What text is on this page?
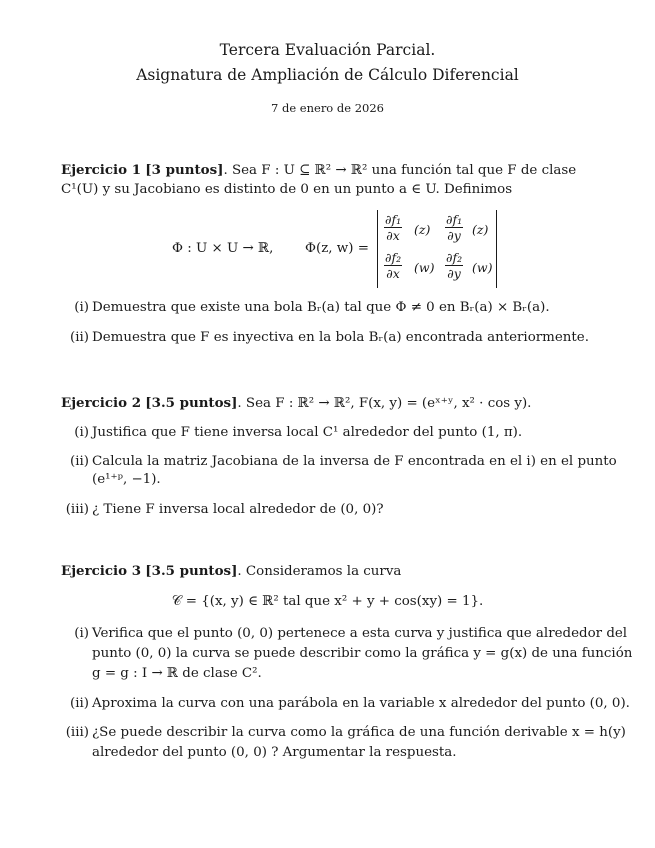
Tercera Evaluación Parcial.
Asignatura de Ampliación de Cálculo Diferencial
7 de enero de 2026
Ejercicio 1 [3 puntos]. Sea F : U ⊆ ℝ² → ℝ² una función tal que F de clase
C¹(U) y su Jacobiano es distinto de 0 en un punto a ∈ U. Definimos
Φ : U × U → ℝ,	Φ(z, w) =
$\frac{\text{∂f₁}}{\partial x} (z) \frac{\text{∂f₁}}{\partial y} (z)$
$\frac{\text{∂f₂}}{\partial x} (w) \frac{\text{∂f₂}}{\partial y} (w)$
(i) Demuestra que existe una bola Bᵣ(a) tal que Φ ≠ 0 en Bᵣ(a) × Bᵣ(a).
(ii) Demuestra que F es inyectiva en la bola Bᵣ(a) encontrada anteriormente.
Ejercicio 2 [3.5 puntos]. Sea F : ℝ² → ℝ², F(x, y) = (eˣ⁺ʸ, x² · cos y).
(i) Justifica que F tiene inversa local C¹ alrededor del punto (1, π).
(ii) Calcula la matriz Jacobiana de la inversa de F encontrada en el i) en el punto
(e¹⁺ᵖ, −1).
(iii) ¿ Tiene F inversa local alrededor de (0, 0)?
Ejercicio 3 [3.5 puntos]. Consideramos la curva
𝒞 = {(x, y) ∈ ℝ² tal que x² + y + cos(xy) = 1}.
(i) Verifica que el punto (0, 0) pertenece a esta curva y justifica que alrededor del
punto (0, 0) la curva se puede describir como la gráfica y = g(x) de una función
g = g : I → ℝ de clase C².
(ii) Aproxima la curva con una parábola en la variable x alrededor del punto (0, 0).
(iii) ¿Se puede describir la curva como la gráfica de una función derivable x = h(y)
alrededor del punto (0, 0) ? Argumentar la respuesta.
